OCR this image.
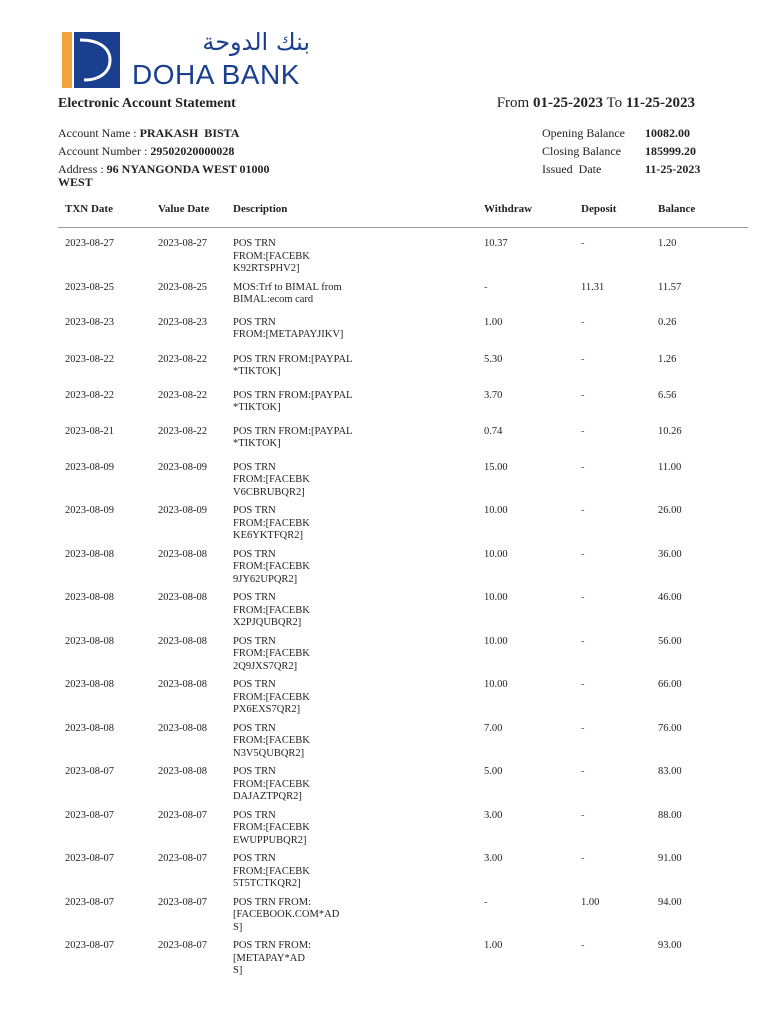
بنك الدوحة
DOHA BANK
Electronic Account Statement	From 01-25-2023 To 11-25-2023
Account Name : PRAKASH  BISTA
Account Number : 29502020000028
Address : 96 NYANGONDA WEST 01000 WEST
Opening Balance	10082.00
Closing Balance	185999.20
Issued  Date	11-25-2023
TXN Date	Value Date Description	Withdraw	Deposit	Balance
2023-08-27	2023-08-27 POS TRN
FROM:[FACEBK
K92RTSPHV2]
10.37	-	1.20
2023-08-25	2023-08-25 MOS:Trf to BIMAL from
BIMAL:ecom card
-	11.31	11.57
2023-08-23	2023-08-23 POS TRN
FROM:[METAPAYJIKV]
1.00	-	0.26
2023-08-22	2023-08-22 POS TRN FROM:[PAYPAL
*TIKTOK]
5.30	-	1.26
2023-08-22	2023-08-22 POS TRN FROM:[PAYPAL
*TIKTOK]
3.70	-	6.56
2023-08-21	2023-08-22 POS TRN FROM:[PAYPAL
*TIKTOK]
0.74	-	10.26
2023-08-09	2023-08-09 POS TRN
FROM:[FACEBK
V6CBRUBQR2]
15.00	-	11.00
2023-08-09	2023-08-09 POS TRN
FROM:[FACEBK
KE6YKTFQR2]
10.00	-	26.00
2023-08-08	2023-08-08 POS TRN
FROM:[FACEBK
9JY62UPQR2]
10.00	-	36.00
2023-08-08	2023-08-08 POS TRN
FROM:[FACEBK
X2PJQUBQR2]
10.00	-	46.00
2023-08-08	2023-08-08 POS TRN
FROM:[FACEBK
2Q9JXS7QR2]
10.00	-	56.00
2023-08-08	2023-08-08 POS TRN
FROM:[FACEBK
PX6EXS7QR2]
10.00	-	66.00
2023-08-08	2023-08-08 POS TRN
FROM:[FACEBK
N3V5QUBQR2]
7.00	-	76.00
2023-08-07	2023-08-08 POS TRN
FROM:[FACEBK
DAJAZTPQR2]
5.00	-	83.00
2023-08-07	2023-08-07 POS TRN
FROM:[FACEBK
EWUPPUBQR2]
3.00	-	88.00
2023-08-07	2023-08-07 POS TRN
FROM:[FACEBK
5T5TCTKQR2]
3.00	-	91.00
2023-08-07	2023-08-07 POS TRN FROM:
[FACEBOOK.COM*AD
S]
-	1.00	94.00
2023-08-07	2023-08-07 POS TRN FROM:
[METAPAY*AD
S]
1.00	-	93.00
